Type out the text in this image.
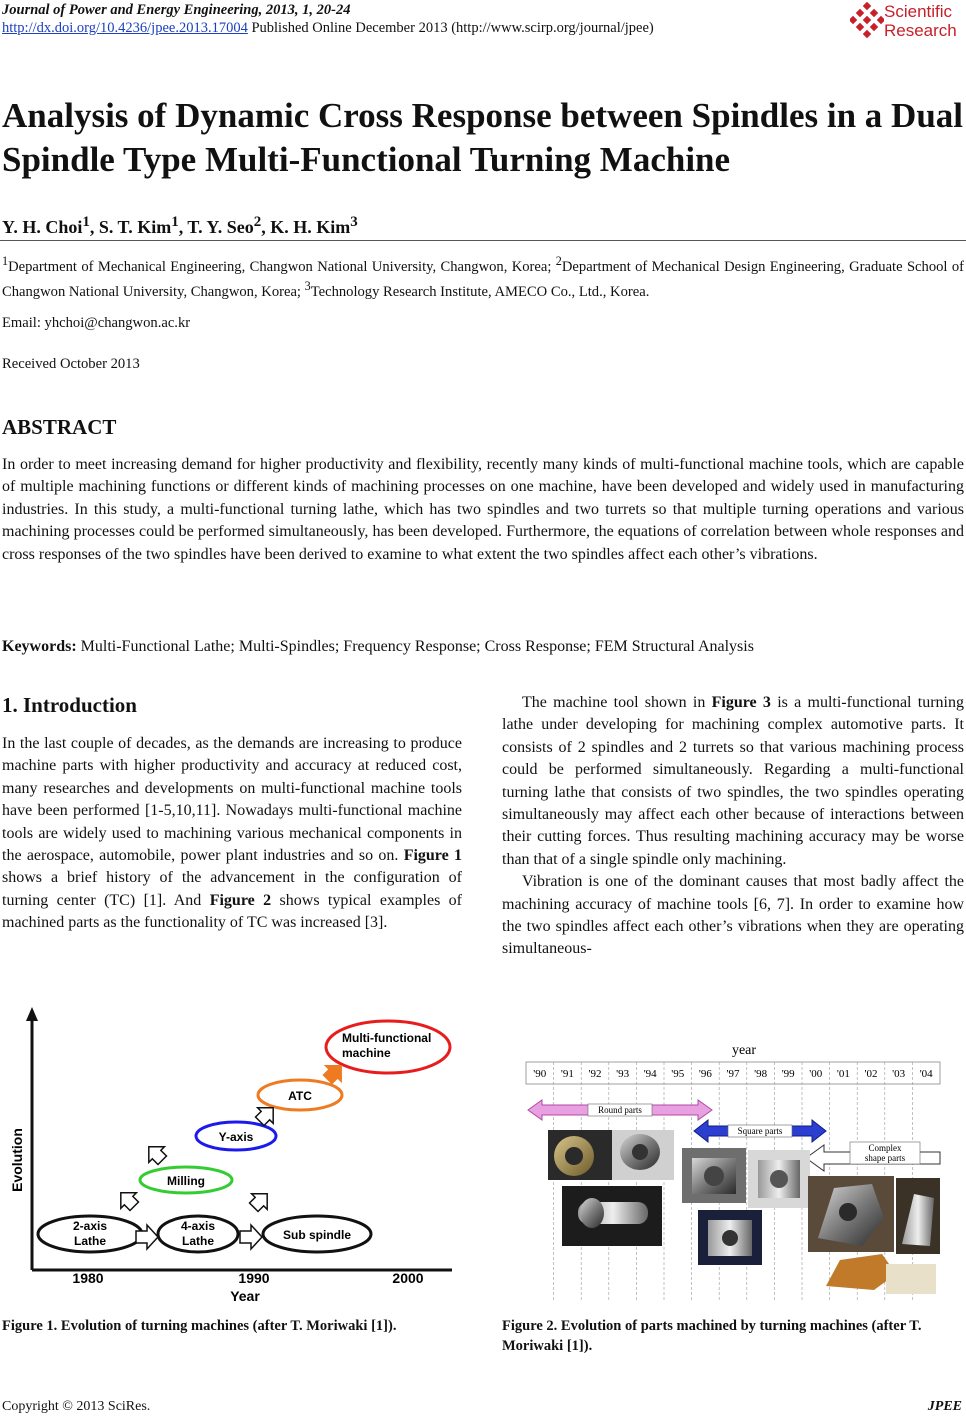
Journal of Power and Energy Engineering, 2013, 1, 20-24
http://dx.doi.org/10.4236/jpee.2013.17004 Published Online December 2013 (http://www.scirp.org/journal/jpee)
Scientific
Research
Analysis of Dynamic Cross Response between Spindles in a Dual Spindle Type Multi-Functional Turning Machine
Y. H. Choi$^1$, S. T. Kim$^1$, T. Y. Seo$^2$, K. H. Kim$^3$
$^1$Department of Mechanical Engineering, Changwon National University, Changwon, Korea; $^2$Department of Mechanical Design Engineering, Graduate School of Changwon National University, Changwon, Korea; $^3$Technology Research Institute, AMECO Co., Ltd., Korea.
Email: yhchoi@changwon.ac.kr
Received October 2013
ABSTRACT
In order to meet increasing demand for higher productivity and flexibility, recently many kinds of multi-functional machine tools, which are capable of multiple machining functions or different kinds of machining processes on one machine, have been developed and widely used in manufacturing industries. In this study, a multi-functional turning lathe, which has two spindles and two turrets so that multiple turning operations and various machining processes could be performed simultaneously, has been developed. Furthermore, the equations of correlation between whole responses and cross responses of the two spindles have been derived to examine to what extent the two spindles affect each other’s vibrations.
Keywords: Multi-Functional Lathe; Multi-Spindles; Frequency Response; Cross Response; FEM Structural Analysis
1. Introduction
In the last couple of decades, as the demands are increasing to produce machine parts with higher productivity and accuracy at reduced cost, many researches and developments on multi-functional machine tools have been performed [1-5,10,11]. Nowadays multi-functional machine tools are widely used to machining various mechanical components in the aerospace, automobile, power plant industries and so on. Figure 1 shows a brief history of the advancement in the configuration of turning center (TC) [1]. And Figure 2 shows typical examples of machined parts as the functionality of TC was increased [3].

The machine tool shown in Figure 3 is a multi-functional turning lathe under developing for machining complex automotive parts. It consists of 2 spindles and 2 turrets so that various machining process could be performed simultaneously. Regarding a multi-functional turning lathe that consists of two spindles, the two spindles operating simultaneously may affect each other because of interactions between their cutting forces. Thus resulting machining accuracy may be worse than that of a single spindle only machining.

Vibration is one of the dominant causes that most badly affect the machining accuracy of machine tools [6, 7]. In order to examine how the two spindles affect each other’s vibrations when they are operating simultaneous-

Evolution
1980	1990	2000
Year
2-axis
Lathe
4-axis
Lathe	Sub spindle
Milling
Y-axis
ATC
Multi-functional
machine	year
'90 '91 '92 '93 '94 '95 '96 '97 '98 '99 '00 '01 '02 '03 '04
Round parts
Square parts
Complex
shape parts
Figure 1. Evolution of turning machines (after T. Moriwaki [1]).	Figure 2. Evolution of parts machined by turning machines (after T. Moriwaki [1]).
Copyright © 2013 SciRes.	JPEE
